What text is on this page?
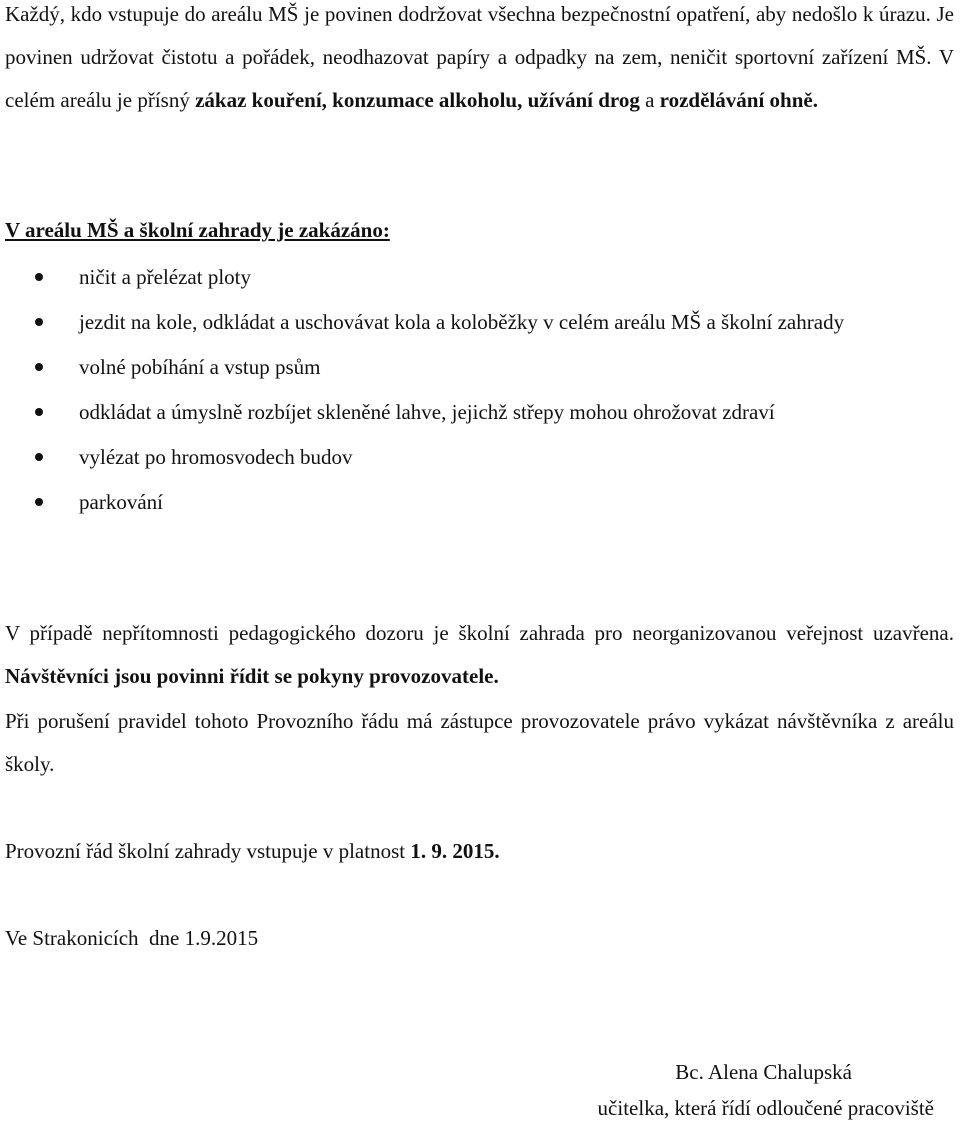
Každý, kdo vstupuje do areálu MŠ je povinen dodržovat všechna bezpečnostní opatření, aby nedošlo k úrazu. Je povinen udržovat čistotu a pořádek, neodhazovat papíry a odpadky na zem, neničit sportovní zařízení MŠ. V celém areálu je přísný zákaz kouření, konzumace alkoholu, užívání drog a rozdělávání ohně.

V areálu MŠ a školní zahrady je zakázáno:
ničit a přelézat ploty
jezdit na kole, odkládat a uschovávat kola a koloběžky v celém areálu MŠ a školní zahrady
volné pobíhání a vstup psům
odkládat a úmyslně rozbíjet skleněné lahve, jejichž střepy mohou ohrožovat zdraví
vylézat po hromosvodech budov
parkování

V případě nepřítomnosti pedagogického dozoru je školní zahrada pro neorganizovanou veřejnost uzavřena. Návštěvníci jsou povinni řídit se pokyny provozovatele.

Při porušení pravidel tohoto Provozního řádu má zástupce provozovatele právo vykázat návštěvníka z areálu školy.

Provozní řád školní zahrady vstupuje v platnost 1. 9. 2015.

Ve Strakonicích  dne 1.9.2015
Bc. Alena Chalupská
učitelka, která řídí odloučené pracoviště
